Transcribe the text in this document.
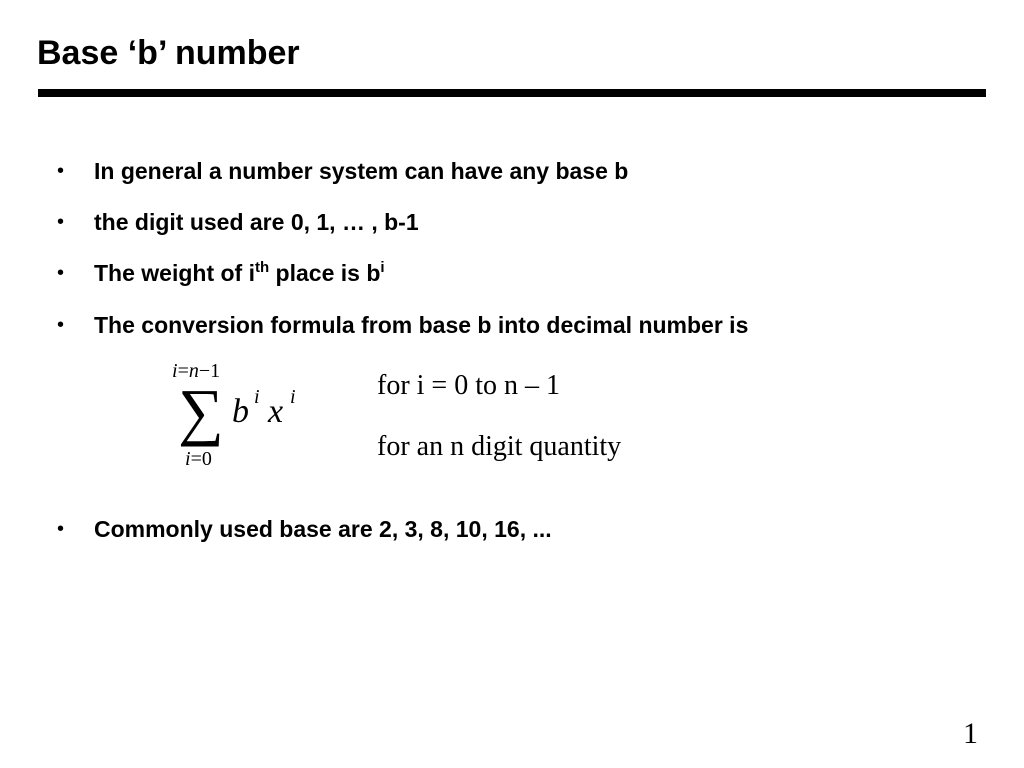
Base ‘b’ number
• In general a number system can have any base b
• the digit used are 0, 1, … , b-1
• The weight of $i^{th}$ place is $b^i$
• The conversion formula from base b into decimal number is
• Commonly used base are 2, 3, 8, 10, 16, ...
i=n−1
∑ b i x i
i=0
for i = 0 to n – 1
for an n digit quantity
1
